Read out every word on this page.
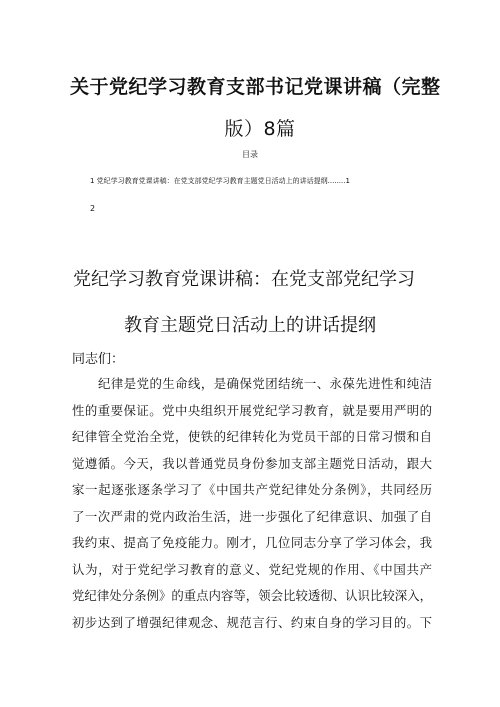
关于党纪学习教育支部书记党课讲稿（完整
版）8篇
目录
1 党纪学习教育党课讲稿：在党支部党纪学习教育主题党日活动上的讲话提纲........1
2
党纪学习教育党课讲稿：在党支部党纪学习
教育主题党日活动上的讲话提纲
同志们：
纪律是党的生命线，是确保党团结统一、永葆先进性和纯洁
性的重要保证。党中央组织开展党纪学习教育，就是要用严明的
纪律管全党治全党，使铁的纪律转化为党员干部的日常习惯和自
觉遵循。今天，我以普通党员身份参加支部主题党日活动，跟大
家一起逐张逐条学习了《中国共产党纪律处分条例》，共同经历
了一次严肃的党内政治生活，进一步强化了纪律意识、加强了自
我约束、提高了免疫能力。刚才，几位同志分享了学习体会，我
认为，对于党纪学习教育的意义、党纪党规的作用、《中国共产
党纪律处分条例》的重点内容等，领会比较透彻、认识比较深入，
初步达到了增强纪律观念、规范言行、约束自身的学习目的。下
